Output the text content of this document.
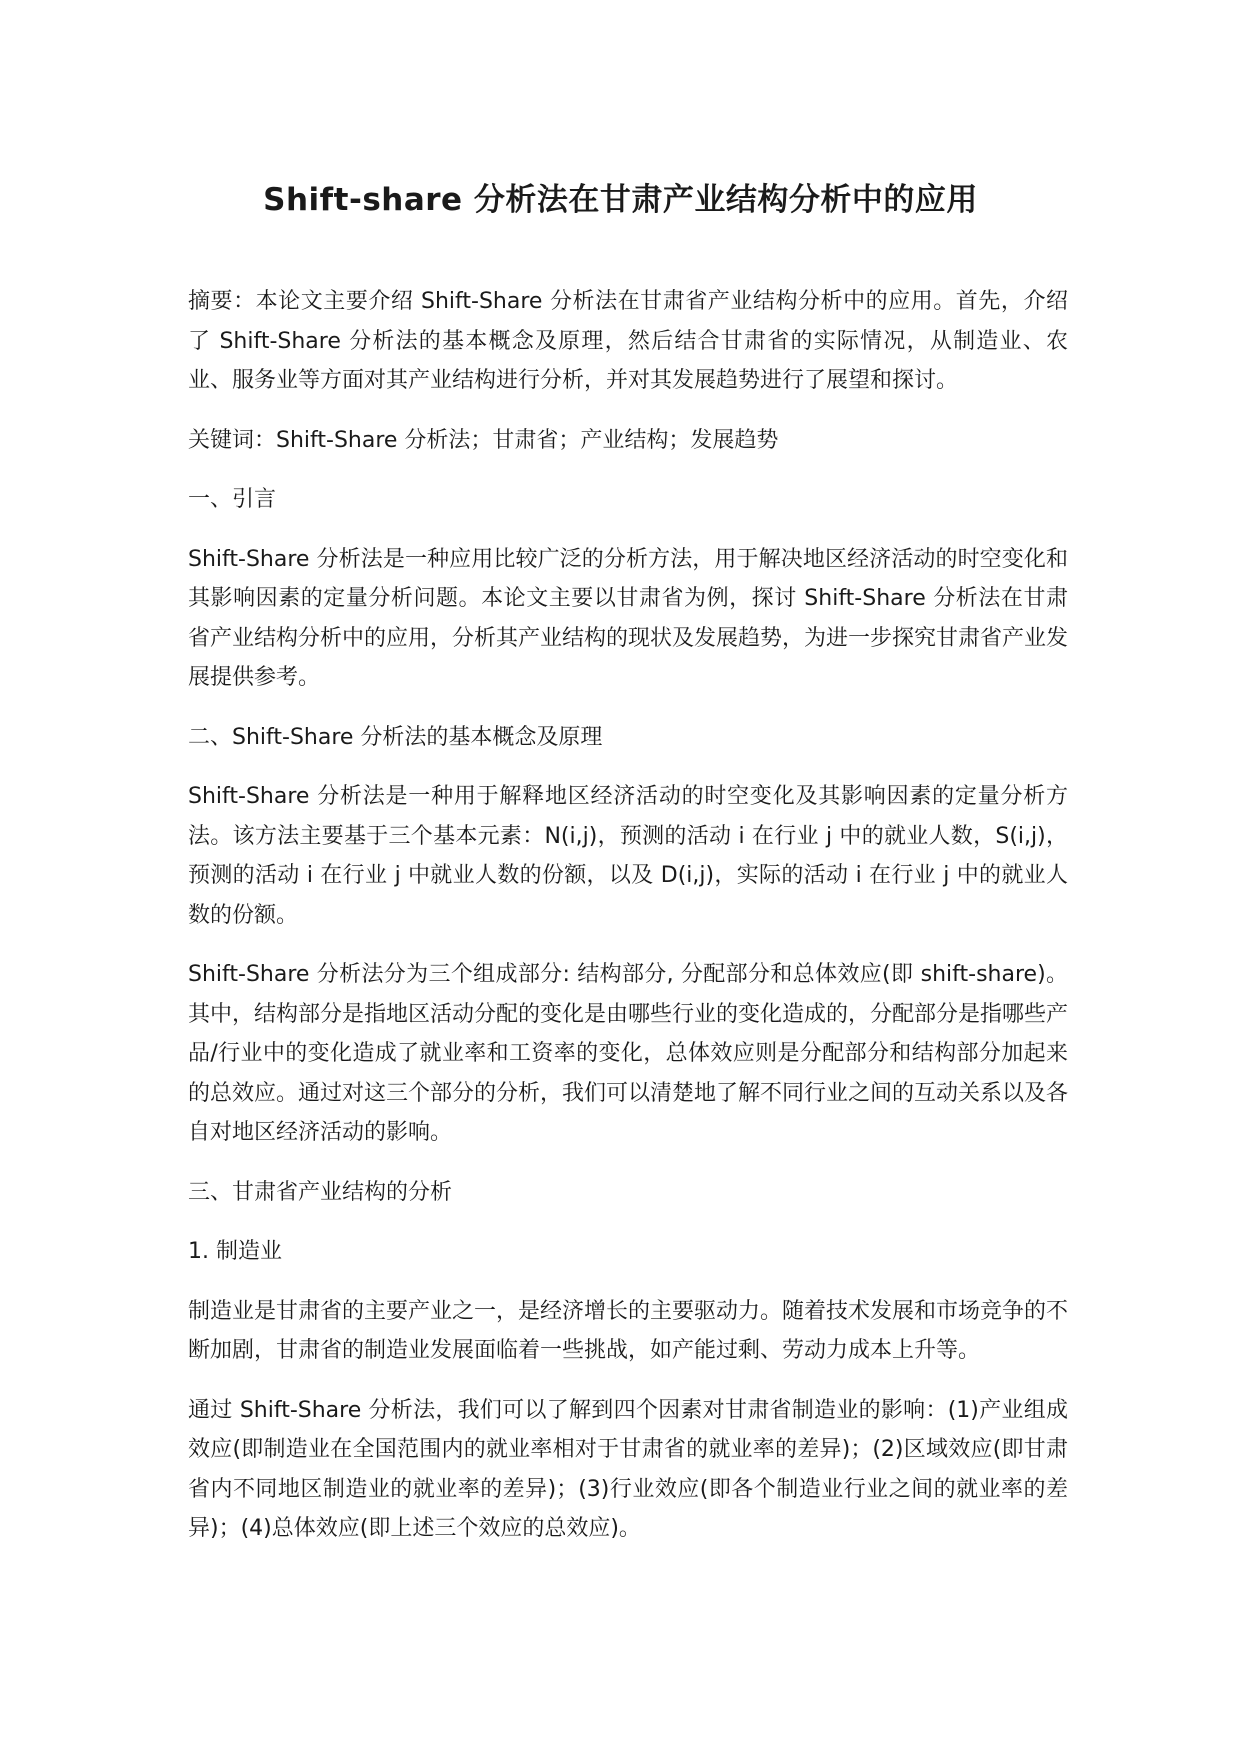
Shift-share 分析法在甘肃产业结构分析中的应用

摘要：本论文主要介绍 Shift-Share 分析法在甘肃省产业结构分析中的应用。首先，介绍了 Shift-Share 分析法的基本概念及原理，然后结合甘肃省的实际情况，从制造业、农业、服务业等方面对其产业结构进行分析，并对其发展趋势进行了展望和探讨。

关键词：Shift-Share 分析法；甘肃省；产业结构；发展趋势

一、引言

Shift-Share 分析法是一种应用比较广泛的分析方法，用于解决地区经济活动的时空变化和其影响因素的定量分析问题。本论文主要以甘肃省为例，探讨 Shift-Share 分析法在甘肃省产业结构分析中的应用，分析其产业结构的现状及发展趋势，为进一步探究甘肃省产业发展提供参考。

二、Shift-Share 分析法的基本概念及原理

Shift-Share 分析法是一种用于解释地区经济活动的时空变化及其影响因素的定量分析方法。该方法主要基于三个基本元素：N(i,j)，预测的活动 i 在行业 j 中的就业人数，S(i,j)，预测的活动 i 在行业 j 中就业人数的份额，以及 D(i,j)，实际的活动 i 在行业 j 中的就业人数的份额。

Shift-Share 分析法分为三个组成部分: 结构部分, 分配部分和总体效应(即 shift-share)。其中，结构部分是指地区活动分配的变化是由哪些行业的变化造成的，分配部分是指哪些产品/行业中的变化造成了就业率和工资率的变化，总体效应则是分配部分和结构部分加起来的总效应。通过对这三个部分的分析，我们可以清楚地了解不同行业之间的互动关系以及各自对地区经济活动的影响。

三、甘肃省产业结构的分析

1. 制造业

制造业是甘肃省的主要产业之一，是经济增长的主要驱动力。随着技术发展和市场竞争的不断加剧，甘肃省的制造业发展面临着一些挑战，如产能过剩、劳动力成本上升等。

通过 Shift-Share 分析法，我们可以了解到四个因素对甘肃省制造业的影响：(1)产业组成效应(即制造业在全国范围内的就业率相对于甘肃省的就业率的差异)；(2)区域效应(即甘肃省内不同地区制造业的就业率的差异)；(3)行业效应(即各个制造业行业之间的就业率的差异)；(4)总体效应(即上述三个效应的总效应)。
